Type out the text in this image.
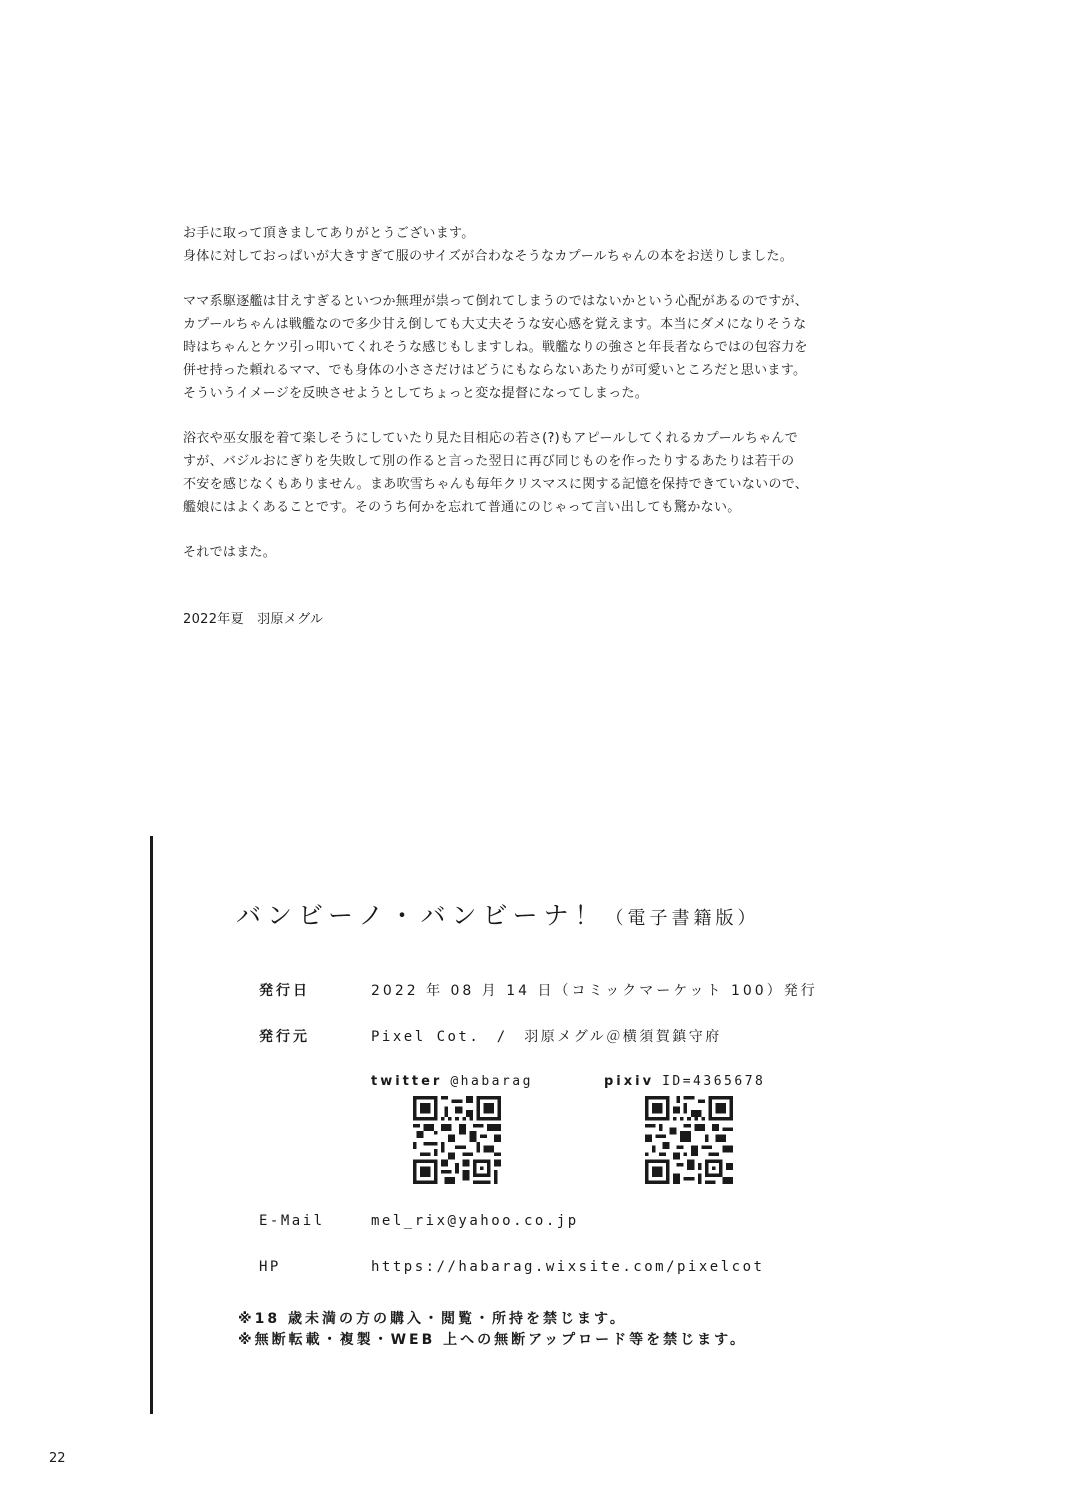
お手に取って頂きましてありがとうございます。
身体に対しておっぱいが大きすぎて服のサイズが合わなそうなカプールちゃんの本をお送りしました。

ママ系駆逐艦は甘えすぎるといつか無理が祟って倒れてしまうのではないかという心配があるのですが、
カプールちゃんは戦艦なので多少甘え倒しても大丈夫そうな安心感を覚えます。本当にダメになりそうな
時はちゃんとケツ引っ叩いてくれそうな感じもしますしね。戦艦なりの強さと年長者ならではの包容力を
併せ持った頼れるママ、でも身体の小ささだけはどうにもならないあたりが可愛いところだと思います。
そういうイメージを反映させようとしてちょっと変な提督になってしまった。

浴衣や巫女服を着て楽しそうにしていたり見た目相応の若さ(?)もアピールしてくれるカプールちゃんで
すが、バジルおにぎりを失敗して別の作ると言った翌日に再び同じものを作ったりするあたりは若干の
不安を感じなくもありません。まあ吹雪ちゃんも毎年クリスマスに関する記憶を保持できていないので、
艦娘にはよくあることです。そのうち何かを忘れて普通にのじゃって言い出しても驚かない。

それではまた。

2022年夏　羽原メグル
バンビーノ・バンビーナ！（電子書籍版）
発行日	2022 年 08 月 14 日（コミックマーケット 100）発行
発行元	Pixel Cot.　/　羽原メグル＠横須賀鎮守府
twitter @habarag	pixiv ID=4365678
E-Mail	mel_rix@yahoo.co.jp
HP	https://habarag.wixsite.com/pixelcot
※18 歳未満の方の購入・閲覧・所持を禁じます。
※無断転載・複製・WEB 上への無断アップロード等を禁じます。
22
